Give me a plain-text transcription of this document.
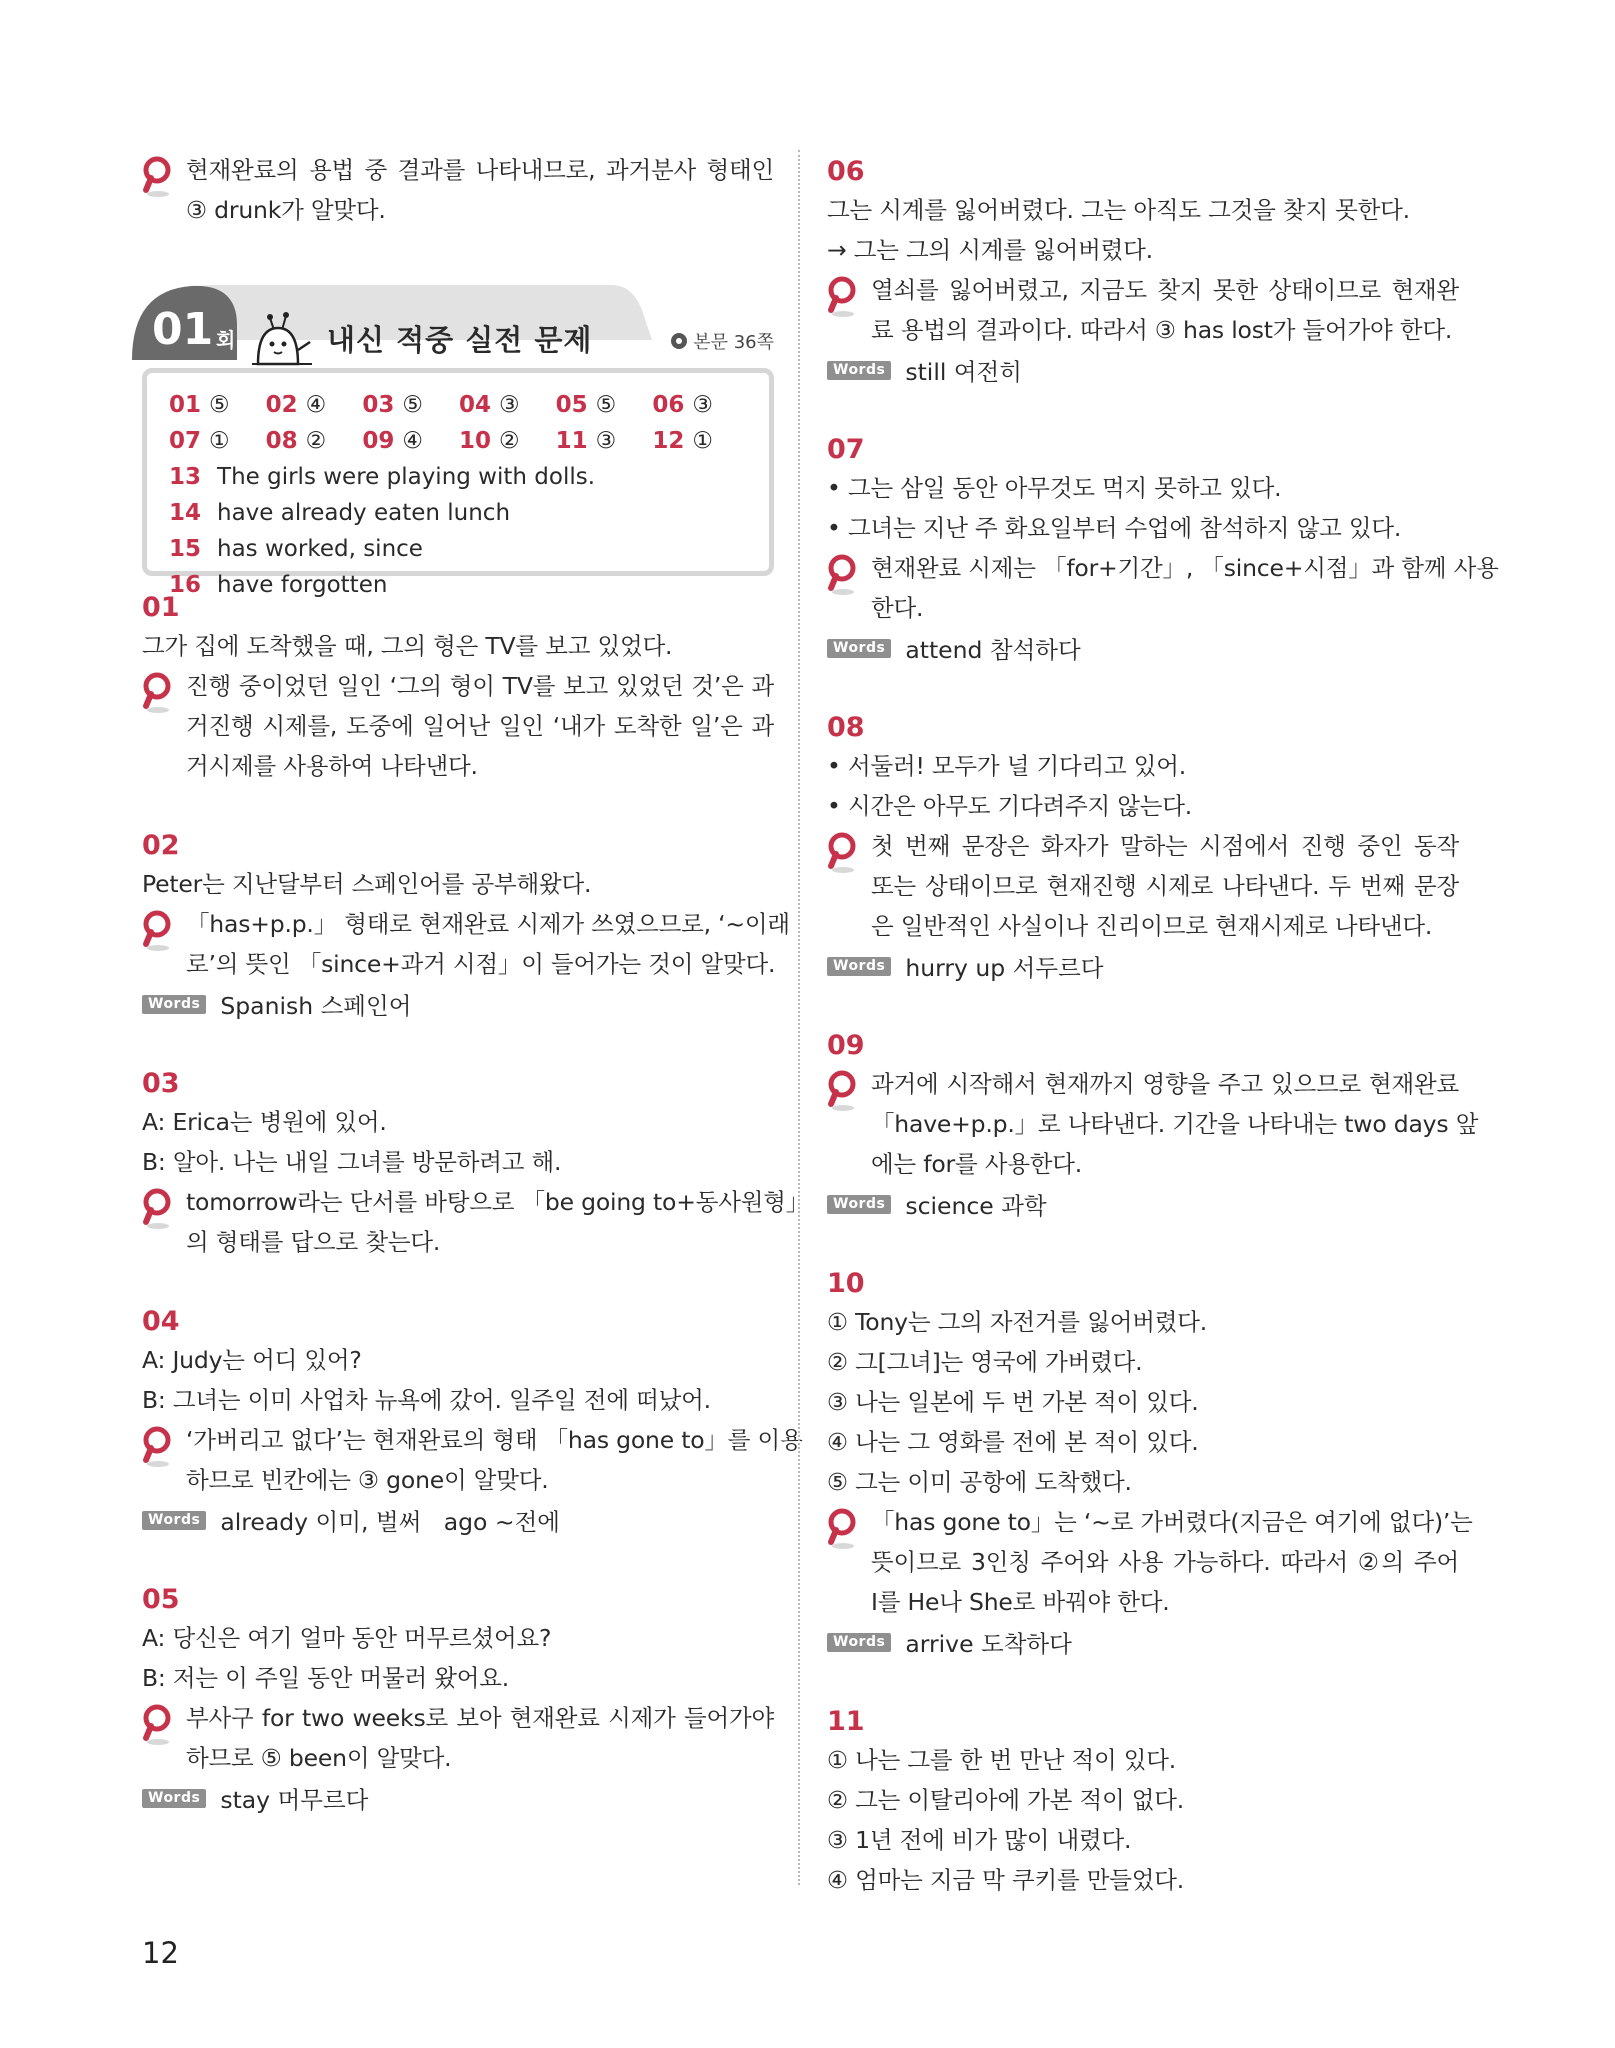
현재완료의 용법 중 결과를 나타내므로, 과거분사 형태인
③ drunk가 알맞다.
01 회	내신 적중 실전 문제	본문 36쪽
01 ⑤	02 ④	03 ⑤	04 ③	05 ⑤	06 ③
07 ①	08 ②	09 ④	10 ②	11 ③	12 ①
13 The girls were playing with dolls.
14 have already eaten lunch
15 has worked, since
16 have forgotten
01
그가 집에 도착했을 때, 그의 형은 TV를 보고 있었다.
진행 중이었던 일인 ‘그의 형이 TV를 보고 있었던 것’은 과
거진행 시제를, 도중에 일어난 일인 ‘내가 도착한 일’은 과
거시제를 사용하여 나타낸다.
02
Peter는 지난달부터 스페인어를 공부해왔다.
「has+p.p.」 형태로 현재완료 시제가 쓰였으므로, ‘~이래
로’의 뜻인 「since+과거 시점」이 들어가는 것이 알맞다.
Words Spanish 스페인어
03
A: Erica는 병원에 있어.
B: 알아. 나는 내일 그녀를 방문하려고 해.
tomorrow라는 단서를 바탕으로 「be going to+동사원형」
의 형태를 답으로 찾는다.
04
A: Judy는 어디 있어?
B: 그녀는 이미 사업차 뉴욕에 갔어. 일주일 전에 떠났어.
‘가버리고 없다’는 현재완료의 형태 「has gone to」를 이용
하므로 빈칸에는 ③ gone이 알맞다.
Words already 이미, 벌써   ago ~전에
05
A: 당신은 여기 얼마 동안 머무르셨어요?
B: 저는 이 주일 동안 머물러 왔어요.
부사구 for two weeks로 보아 현재완료 시제가 들어가야
하므로 ⑤ been이 알맞다.
Words stay 머무르다
06
그는 시계를 잃어버렸다. 그는 아직도 그것을 찾지 못한다.
→ 그는 그의 시계를 잃어버렸다.
열쇠를 잃어버렸고, 지금도 찾지 못한 상태이므로 현재완
료 용법의 결과이다. 따라서 ③ has lost가 들어가야 한다.
Words still 여전히
07
• 그는 삼일 동안 아무것도 먹지 못하고 있다.
• 그녀는 지난 주 화요일부터 수업에 참석하지 않고 있다.
현재완료 시제는 「for+기간」, 「since+시점」과 함께 사용
한다.
Words attend 참석하다
08
• 서둘러! 모두가 널 기다리고 있어.
• 시간은 아무도 기다려주지 않는다.
첫 번째 문장은 화자가 말하는 시점에서 진행 중인 동작
또는 상태이므로 현재진행 시제로 나타낸다. 두 번째 문장
은 일반적인 사실이나 진리이므로 현재시제로 나타낸다.
Words hurry up 서두르다
09
과거에 시작해서 현재까지 영향을 주고 있으므로 현재완료
「have+p.p.」로 나타낸다. 기간을 나타내는 two days 앞
에는 for를 사용한다.
Words science 과학
10
① Tony는 그의 자전거를 잃어버렸다.
② 그[그녀]는 영국에 가버렸다.
③ 나는 일본에 두 번 가본 적이 있다.
④ 나는 그 영화를 전에 본 적이 있다.
⑤ 그는 이미 공항에 도착했다.
「has gone to」는 ‘~로 가버렸다(지금은 여기에 없다)’는
뜻이므로 3인칭 주어와 사용 가능하다. 따라서 ②의 주어
I를 He나 She로 바꿔야 한다.
Words arrive 도착하다
11
① 나는 그를 한 번 만난 적이 있다.
② 그는 이탈리아에 가본 적이 없다.
③ 1년 전에 비가 많이 내렸다.
④ 엄마는 지금 막 쿠키를 만들었다.
12
